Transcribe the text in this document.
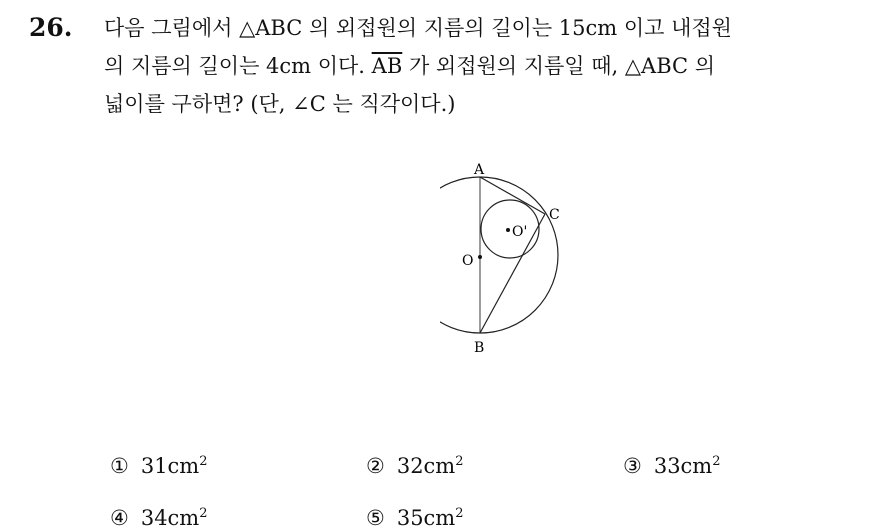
26. 다음 그림에서 △ABC 의 외접원의 지름의 길이는 15cm 이고 내접원
의 지름의 길이는 4cm 이다. $\overline{AB}$ 가 외접원의 지름일 때, △ABC 의
넓이를 구하면? (단, ∠C 는 직각이다.)
A
B
C
O
O'
① $31cm^2$	② $32cm^2$	③ $33cm^2$
④ $34cm^2$	⑤ $35cm^2$
